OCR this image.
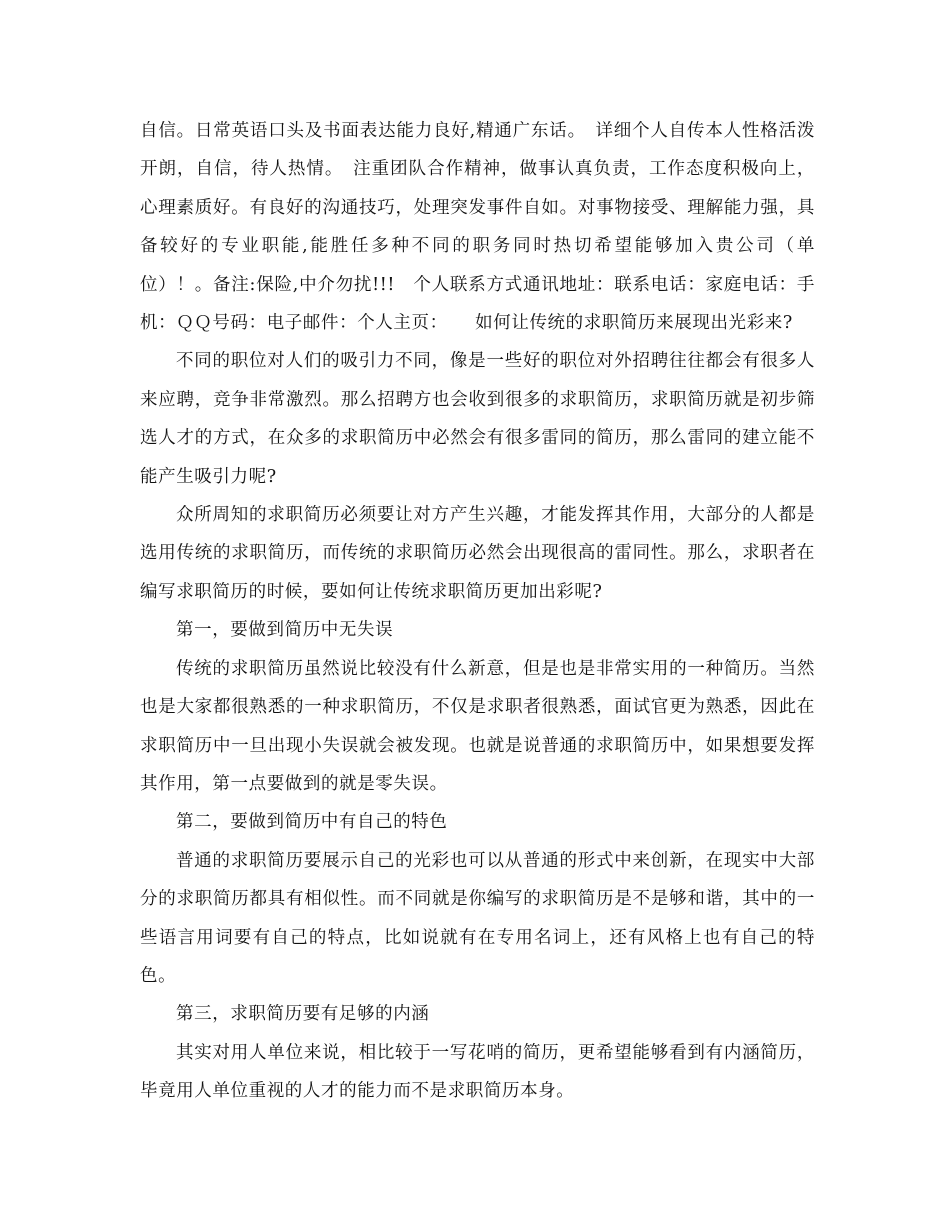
自信。日常英语口头及书面表达能力良好,精通广东话。　详细个人自传本人性格活泼开朗，自信，待人热情。　注重团队合作精神，做事认真负责，工作态度积极向上，心理素质好。有良好的沟通技巧，处理突发事件自如。对事物接受、理解能力强，具备较好的专业职能,能胜任多种不同的职务同时热切希望能够加入贵公司（单位）！。备注:保险,中介勿扰!!!　个人联系方式通讯地址：联系电话：家庭电话：手　　机：ＱＱ号码：电子邮件：个人主页：　　如何让传统的求职简历来展现出光彩来?

不同的职位对人们的吸引力不同，像是一些好的职位对外招聘往往都会有很多人来应聘，竞争非常激烈。那么招聘方也会收到很多的求职简历，求职简历就是初步筛选人才的方式，在众多的求职简历中必然会有很多雷同的简历，那么雷同的建立能不能产生吸引力呢?

众所周知的求职简历必须要让对方产生兴趣，才能发挥其作用，大部分的人都是选用传统的求职简历，而传统的求职简历必然会出现很高的雷同性。那么，求职者在编写求职简历的时候，要如何让传统求职简历更加出彩呢?

第一，要做到简历中无失误

传统的求职简历虽然说比较没有什么新意，但是也是非常实用的一种简历。当然也是大家都很熟悉的一种求职简历，不仅是求职者很熟悉，面试官更为熟悉，因此在求职简历中一旦出现小失误就会被发现。也就是说普通的求职简历中，如果想要发挥其作用，第一点要做到的就是零失误。

第二，要做到简历中有自己的特色

普通的求职简历要展示自己的光彩也可以从普通的形式中来创新，在现实中大部分的求职简历都具有相似性。而不同就是你编写的求职简历是不是够和谐，其中的一些语言用词要有自己的特点，比如说就有在专用名词上，还有风格上也有自己的特色。

第三，求职简历要有足够的内涵

其实对用人单位来说，相比较于一写花哨的简历，更希望能够看到有内涵简历，毕竟用人单位重视的人才的能力而不是求职简历本身。
